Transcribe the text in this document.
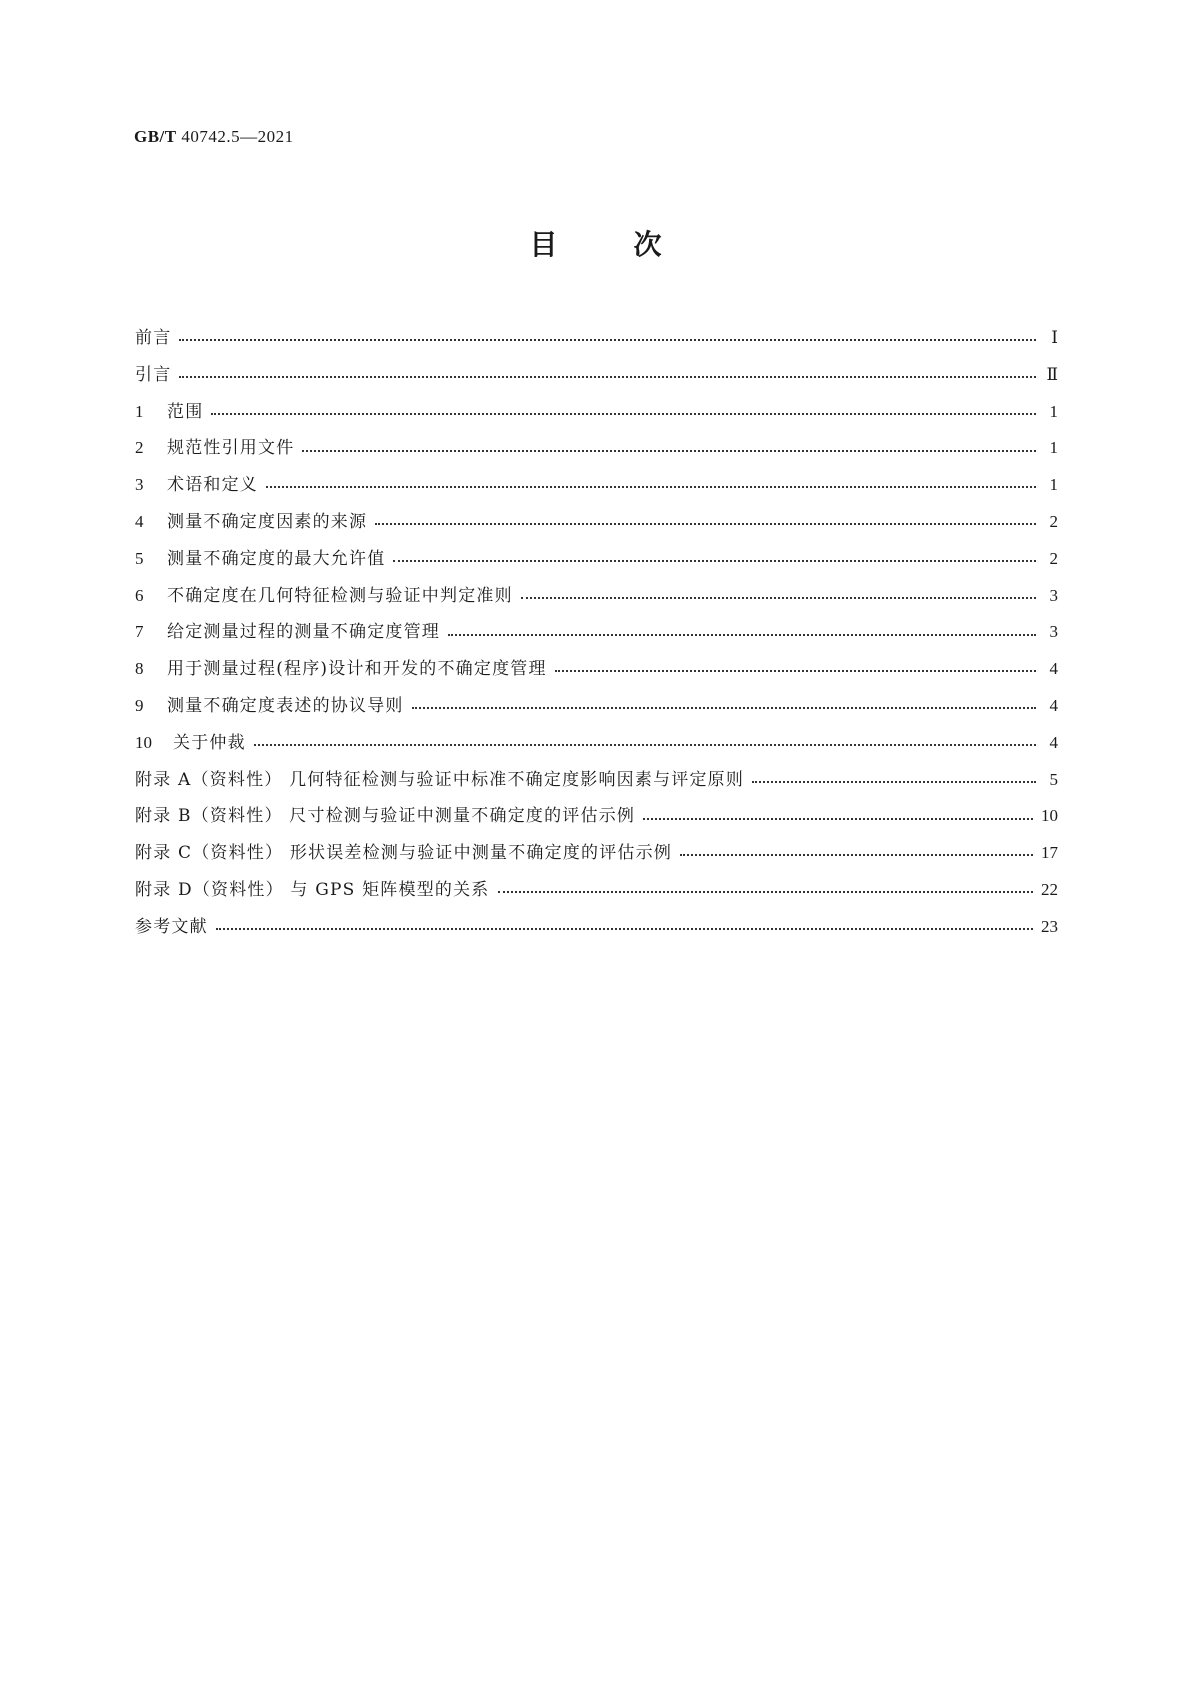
GB/T 40742.5—2021
目	次
前言	Ⅰ
引言	Ⅱ
1	范围	1
2	规范性引用文件	1
3	术语和定义	1
4	测量不确定度因素的来源	2
5	测量不确定度的最大允许值	2
6	不确定度在几何特征检测与验证中判定准则	3
7	给定测量过程的测量不确定度管理	3
8	用于测量过程(程序)设计和开发的不确定度管理	4
9	测量不确定度表述的协议导则	4
10	关于仲裁	4
附录 A（资料性） 几何特征检测与验证中标准不确定度影响因素与评定原则	5
附录 B（资料性） 尺寸检测与验证中测量不确定度的评估示例	10
附录 C（资料性） 形状误差检测与验证中测量不确定度的评估示例	17
附录 D（资料性） 与 GPS 矩阵模型的关系	22
参考文献	23
